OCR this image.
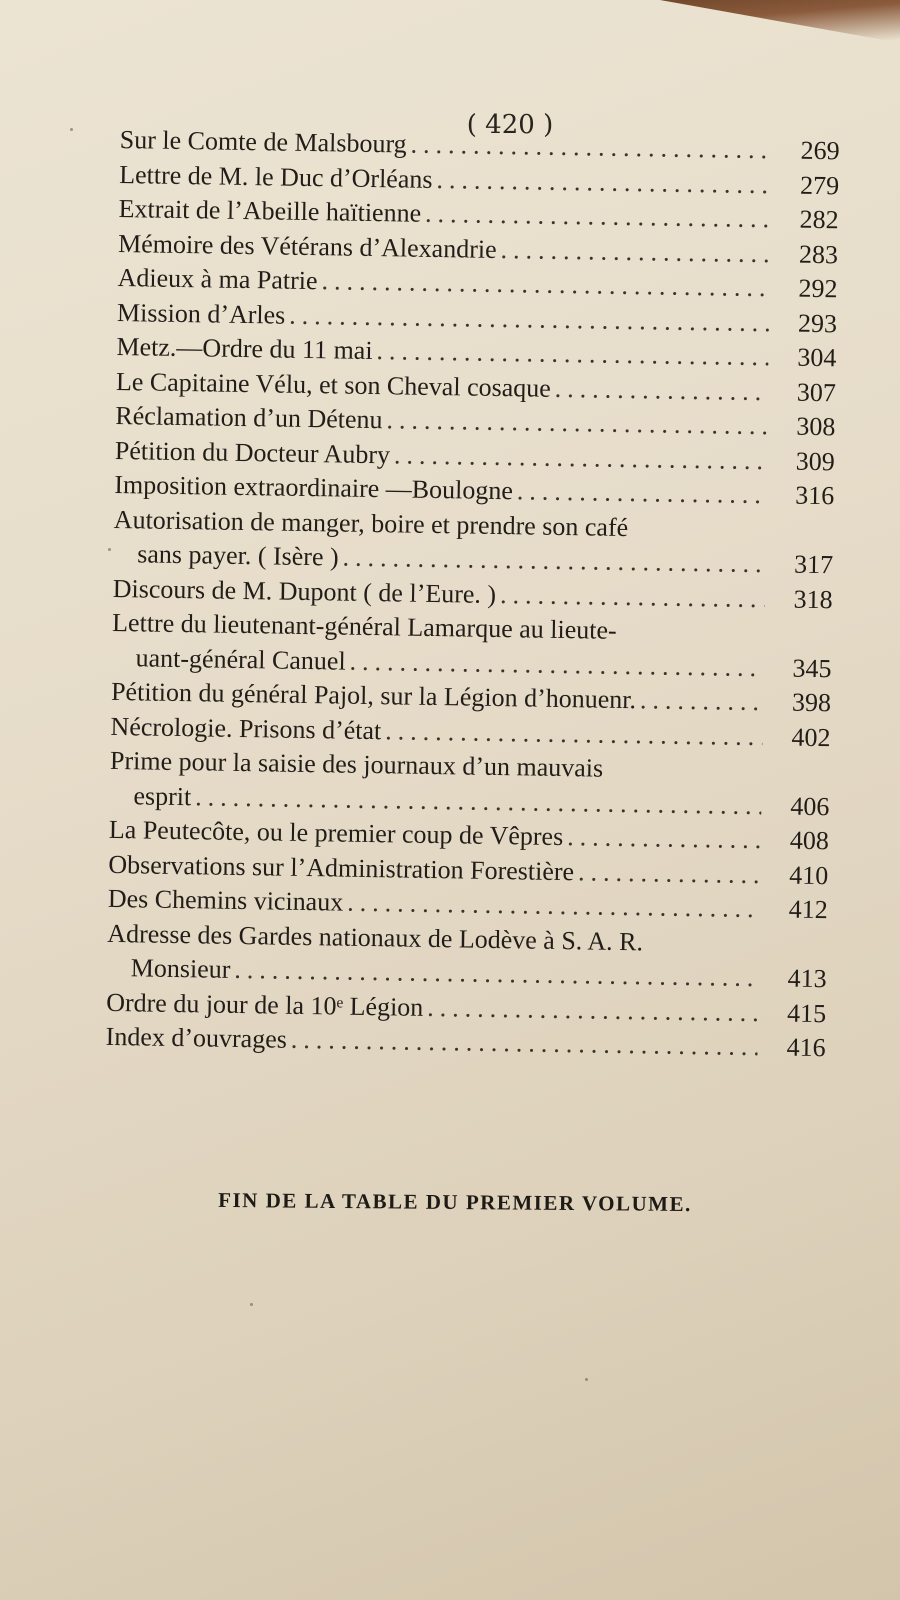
( 420 )
Sur le Comte de Malsbourg .....	269
Lettre de M. le Duc d’Orléans .....	279
Extrait de l’Abeille haïtienne .....	282
Mémoire des Vétérans d’Alexandrie .....	283
Adieux à ma Patrie .....	292
Mission d’Arles .....	293
Metz.—Ordre du 11 mai .....	304
Le Capitaine Vélu, et son Cheval cosaque .....	307
Réclamation d’un Détenu .....	308
Pétition du Docteur Aubry .....	309
Imposition extraordinaire —Boulogne .....	316
Autorisation de manger, boire et prendre son café
sans payer. ( Isère ) .....	317
Discours de M. Dupont ( de l’Eure. ) .....	318
Lettre du lieutenant-général Lamarque au lieute-
uant-général Canuel .....	345
Pétition du général Pajol, sur la Légion d’honuenr. .....	398
Nécrologie. Prisons d’état .....	402
Prime pour la saisie des journaux d’un mauvais
esprit .....	406
La Peutecôte, ou le premier coup de Vêpres .....	408
Observations sur l’Administration Forestière .....	410
Des Chemins vicinaux .....	412
Adresse des Gardes nationaux de Lodève à S. A. R.
Monsieur .....	413
Ordre du jour de la 10ᵉ Légion .....	415
Index d’ouvrages .....	416
FIN DE LA TABLE DU PREMIER VOLUME.
